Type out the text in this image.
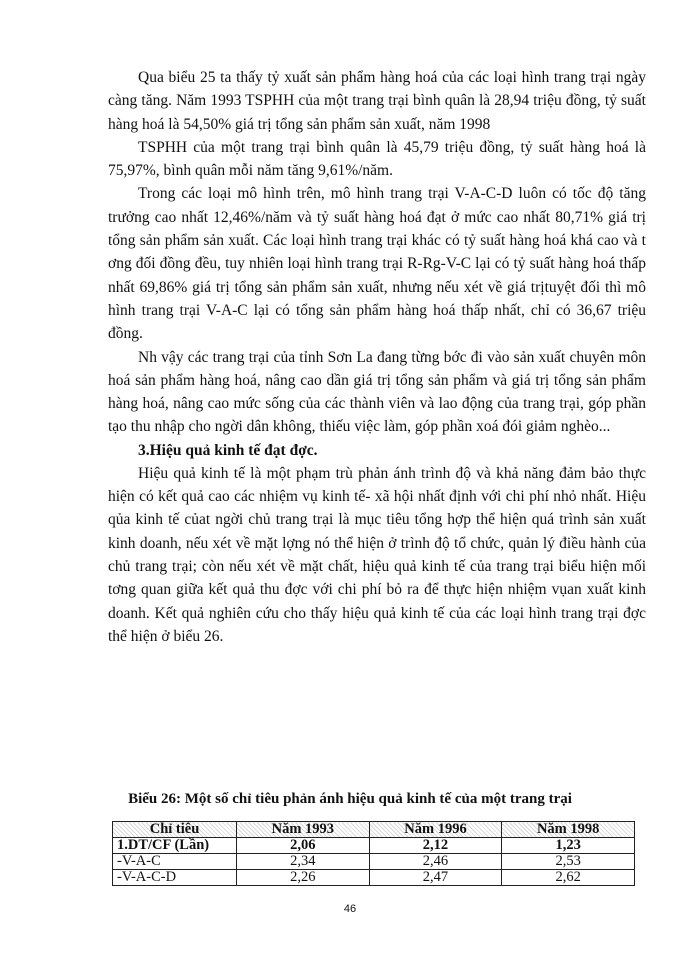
Qua biểu 25 ta thấy tỷ xuất sản phẩm hàng hoá của các loại hình trang trại ngày càng tăng. Năm 1993 TSPHH của một trang trại bình quân là 28,94 triệu đồng, tỷ suất hàng hoá là 54,50% giá trị tổng sản phẩm sản xuất, năm 1998

TSPHH của một trang trại bình quân là 45,79 triệu đồng, tỷ suất hàng hoá là 75,97%, bình quân mỗi năm tăng 9,61%/năm.

Trong các loại mô hình trên, mô hình trang trại V-A-C-D luôn có tốc độ tăng trưởng cao nhất 12,46%/năm và tỷ suất hàng hoá đạt ở mức cao nhất 80,71% giá trị tổng sản phẩm sản xuất. Các loại hình trang trại khác có tỷ suất hàng hoá khá cao và t ơng đối đồng đều, tuy nhiên loại hình trang trại R-Rg-V-C lại có tỷ suất hàng hoá thấp nhất 69,86% giá trị tổng sản phẩm sản xuất, nhưng nếu xét về giá trịtuyệt đối thì mô hình trang trại V-A-C lại có tổng sản phẩm hàng hoá thấp nhất, chỉ có 36,67 triệu đồng.

Nh vậy các trang trại của tỉnh Sơn La đang từng bớc đi vào sản xuất chuyên môn hoá sản phẩm hàng hoá, nâng cao dần giá trị tổng sản phẩm và giá trị tổng sản phẩm hàng hoá, nâng cao mức sống của các thành viên và lao động của trang trại, góp phần tạo thu nhập cho ngời dân không, thiếu việc làm, góp phần xoá đói giảm nghèo...

3.Hiệu quả kinh tế đạt đợc.

Hiệu quả kinh tế là một phạm trù phản ánh trình độ và khả năng đảm bảo thực hiện có kết quả cao các nhiệm vụ kinh tế- xã hội nhất định với chi phí nhỏ nhất. Hiệu qủa kinh tế củat ngời chủ trang trại là mục tiêu tổng hợp thể hiện quá trình sản xuất kinh doanh, nếu xét về mặt lợng nó thể hiện ở trình độ tổ chức, quản lý điều hành của chủ trang trại; còn nếu xét về mặt chất, hiệu quả kinh tế của trang trại biểu hiện mối tơng quan giữa kết quả thu đợc với chi phí bỏ ra để thực hiện nhiệm vụan xuất kinh doanh. Kết quả nghiên cứu cho thấy hiệu quả kinh tế của các loại hình trang trại đợc thể hiện ở biểu 26.

Biểu 26: Một số chỉ tiêu phản ánh hiệu quả kinh tế của một trang trại
Chỉ tiêu	Năm 1993	Năm 1996	Năm 1998
1.DT/CF (Lần)	2,06	2,12	1,23
-V-A-C	2,34	2,46	2,53
-V-A-C-D	2,26	2,47	2,62
46
